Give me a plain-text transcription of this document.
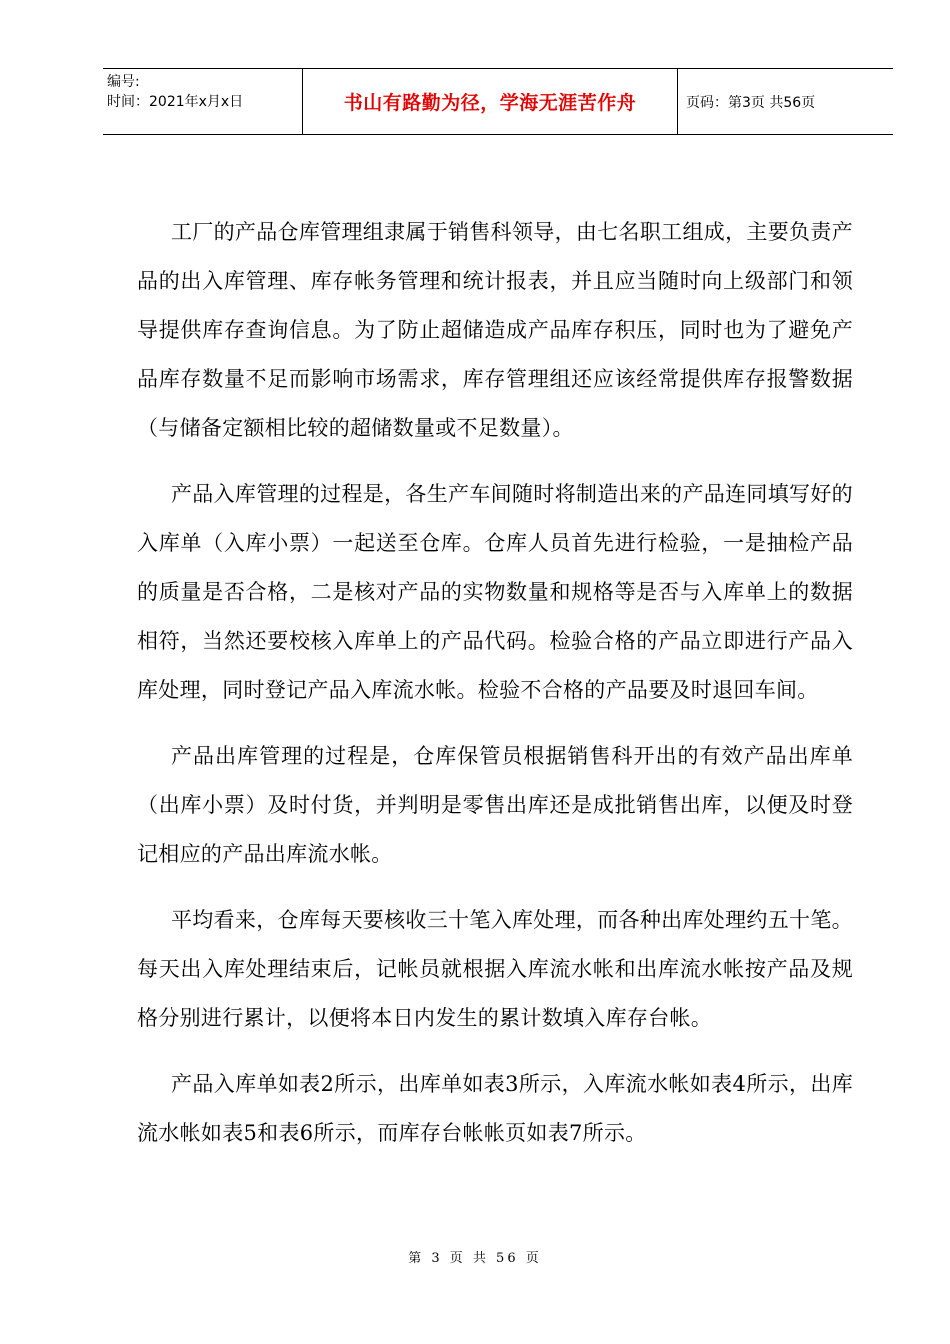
编号:
时间：2021年x月x日	书山有路勤为径，学海无涯苦作舟	页码：第3页 共56页

工厂的产品仓库管理组隶属于销售科领导，由七名职工组成，主要负责产品的出入库管理、库存帐务管理和统计报表，并且应当随时向上级部门和领导提供库存查询信息。为了防止超储造成产品库存积压，同时也为了避免产品库存数量不足而影响市场需求，库存管理组还应该经常提供库存报警数据（与储备定额相比较的超储数量或不足数量）。

产品入库管理的过程是，各生产车间随时将制造出来的产品连同填写好的入库单（入库小票）一起送至仓库。仓库人员首先进行检验，一是抽检产品的质量是否合格，二是核对产品的实物数量和规格等是否与入库单上的数据相符，当然还要校核入库单上的产品代码。检验合格的产品立即进行产品入库处理，同时登记产品入库流水帐。检验不合格的产品要及时退回车间。

产品出库管理的过程是，仓库保管员根据销售科开出的有效产品出库单（出库小票）及时付货，并判明是零售出库还是成批销售出库，以便及时登记相应的产品出库流水帐。

平均看来，仓库每天要核收三十笔入库处理，而各种出库处理约五十笔。每天出入库处理结束后，记帐员就根据入库流水帐和出库流水帐按产品及规格分别进行累计，以便将本日内发生的累计数填入库存台帐。

产品入库单如表2所示，出库单如表3所示，入库流水帐如表4所示，出库流水帐如表5和表6所示，而库存台帐帐页如表7所示。

第 3 页 共 56 页
